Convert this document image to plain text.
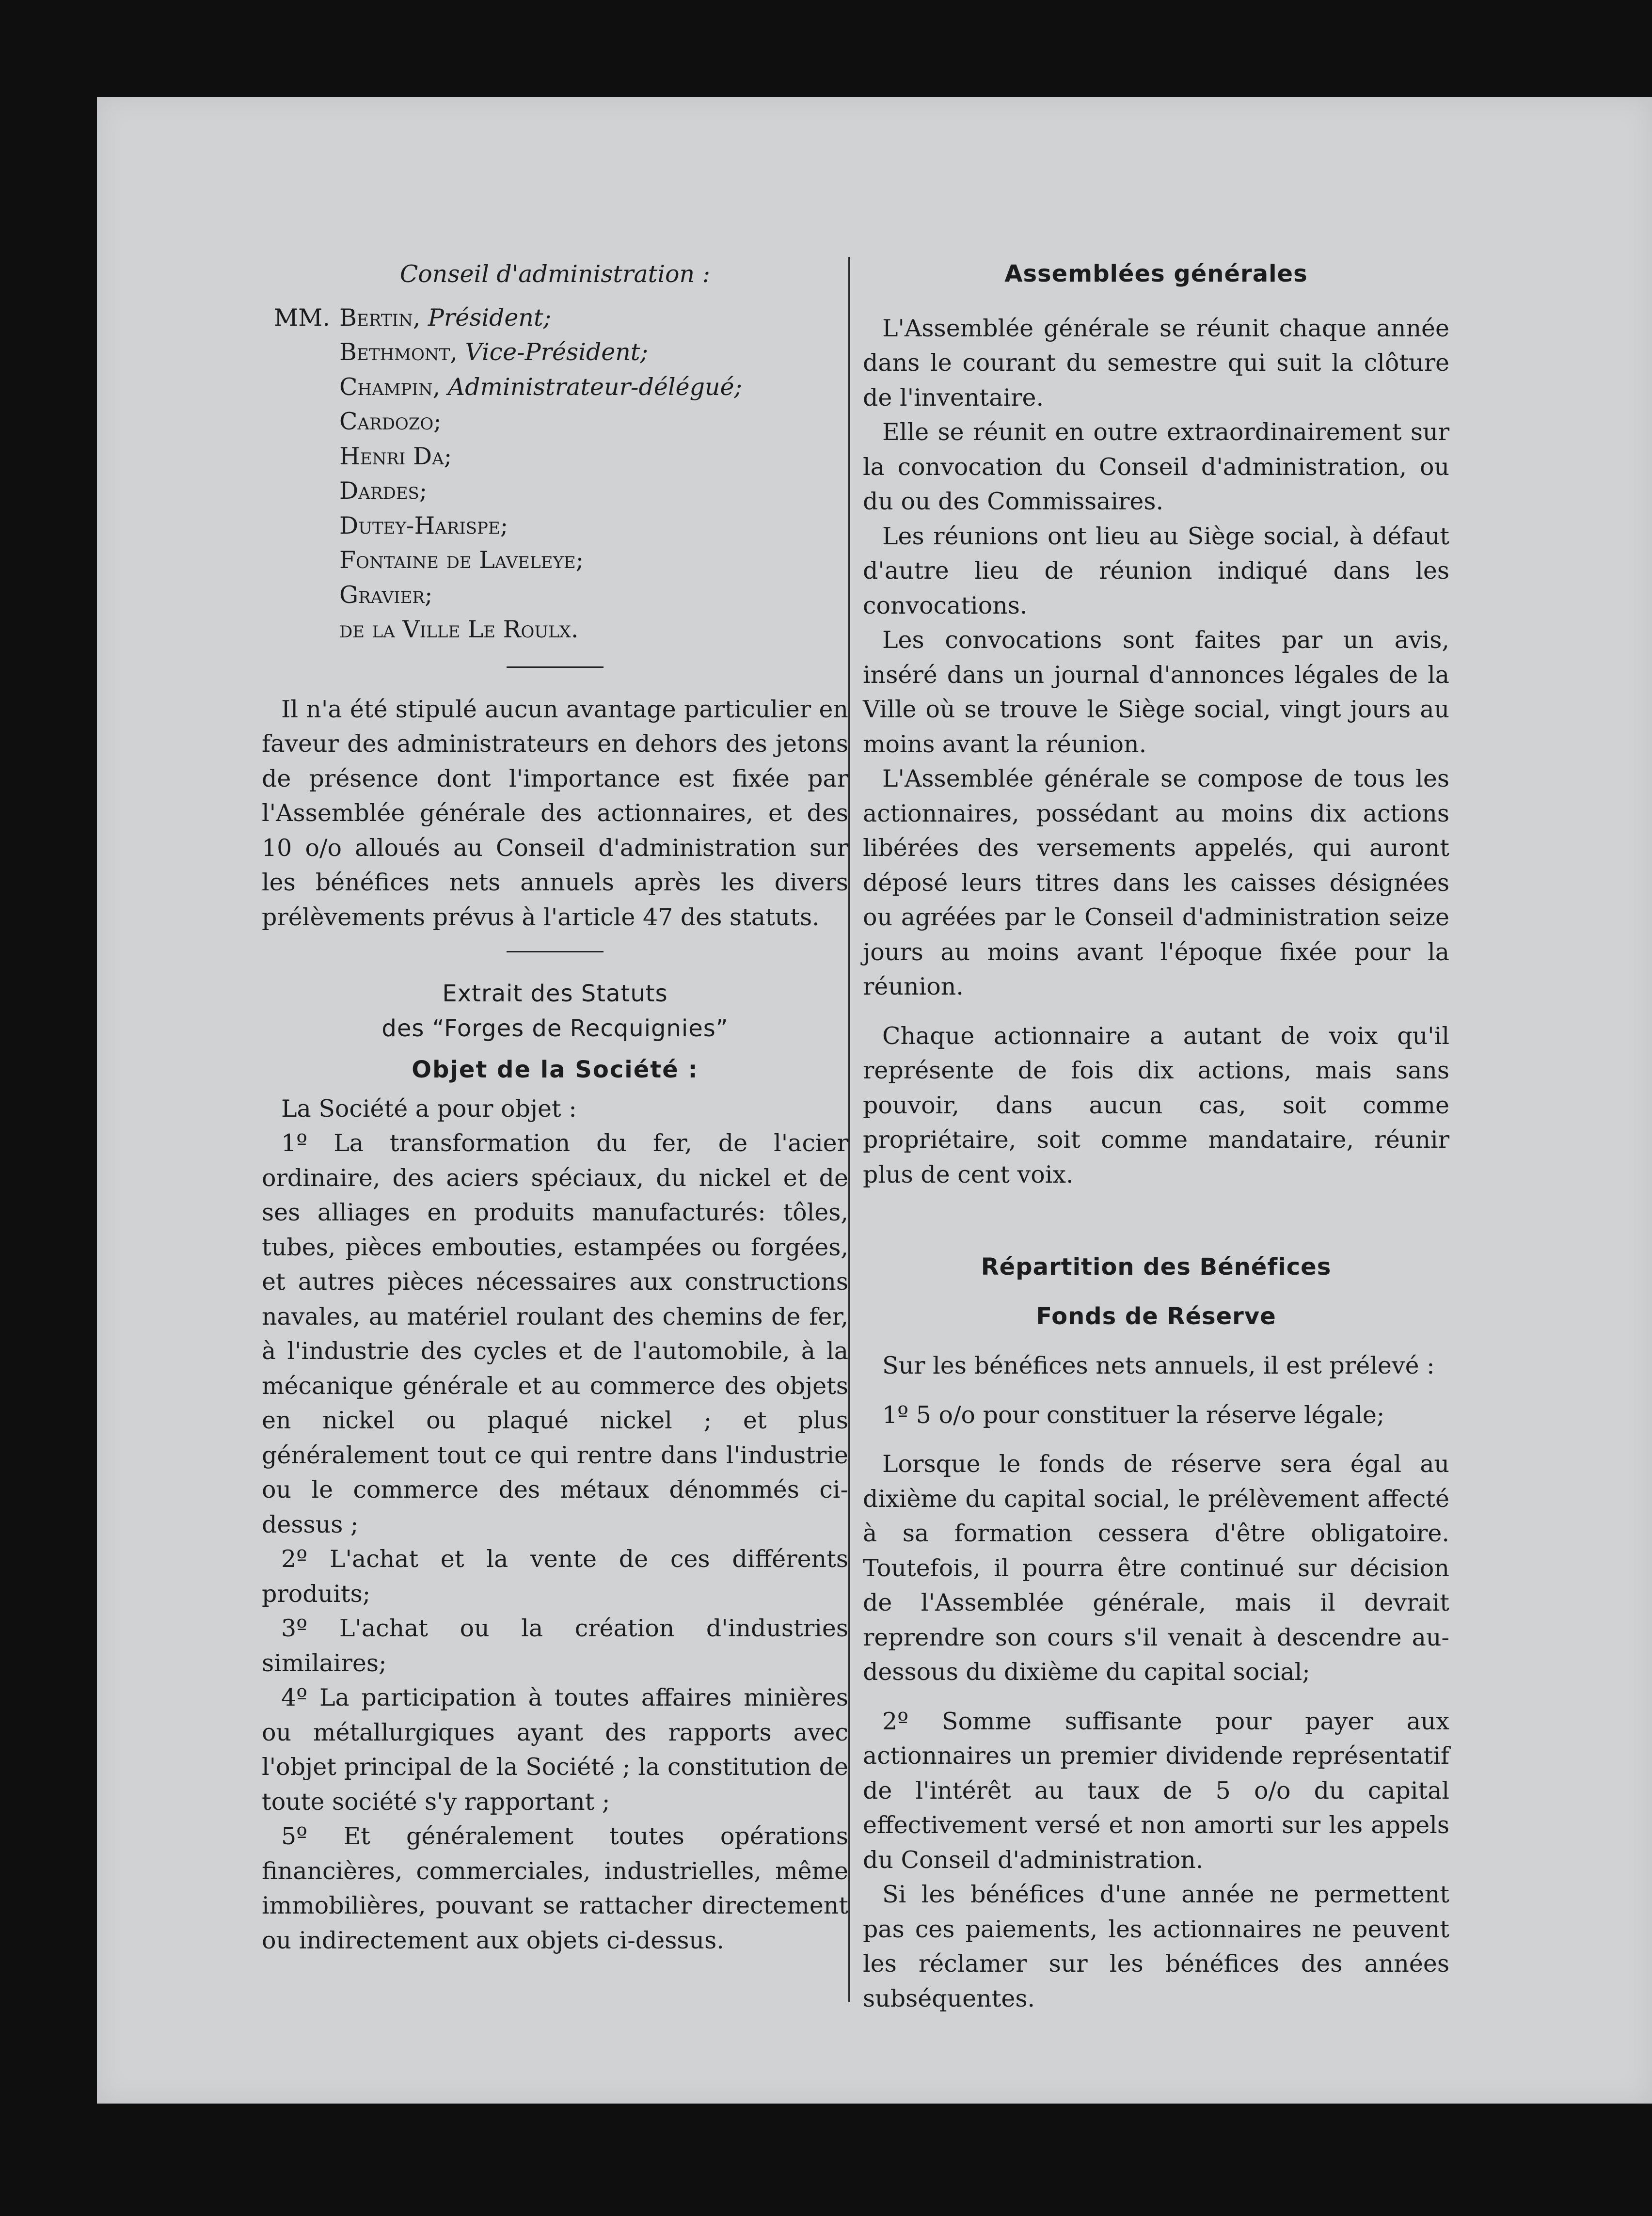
Conseil d'administration :

MM. Bertin, Président;
Bethmont, Vice-Président;
Champin, Administrateur-délégué;
Cardozo;
Henri Da;
Dardes;
Dutey-Harispe;
Fontaine de Laveleye;
Gravier;
de la Ville Le Roulx.

Il n'a été stipulé aucun avantage particulier en faveur des administrateurs en dehors des jetons de présence dont l'importance est fixée par l'Assemblée générale des actionnaires, et des 10 o/o alloués au Conseil d'administration sur les bénéfices nets annuels après les divers prélèvements prévus à l'article 47 des statuts.

Extrait des Statuts

des “Forges de Recquignies”

Objet de la Société :

La Société a pour objet :

1º La transformation du fer, de l'acier ordinaire, des aciers spéciaux, du nickel et de ses alliages en produits manufacturés: tôles, tubes, pièces embouties, estampées ou forgées, et autres pièces nécessaires aux constructions navales, au matériel roulant des chemins de fer, à l'industrie des cycles et de l'automobile, à la mécanique générale et au commerce des objets en nickel ou plaqué nickel ; et plus généralement tout ce qui rentre dans l'industrie ou le commerce des métaux dénommés ci-dessus ;

2º L'achat et la vente de ces différents produits;

3º L'achat ou la création d'industries similaires;

4º La participation à toutes affaires minières ou métallurgiques ayant des rapports avec l'objet principal de la Société ; la constitution de toute société s'y rapportant ;

5º Et généralement toutes opérations financières, commerciales, industrielles, même immobilières, pouvant se rattacher directement ou indirectement aux objets ci-dessus.

Assemblées générales

L'Assemblée générale se réunit chaque année dans le courant du semestre qui suit la clôture de l'inventaire.

Elle se réunit en outre extraordinairement sur la convocation du Conseil d'administration, ou du ou des Commissaires.

Les réunions ont lieu au Siège social, à défaut d'autre lieu de réunion indiqué dans les convocations.

Les convocations sont faites par un avis, inséré dans un journal d'annonces légales de la Ville où se trouve le Siège social, vingt jours au moins avant la réunion.

L'Assemblée générale se compose de tous les actionnaires, possédant au moins dix actions libérées des versements appelés, qui auront déposé leurs titres dans les caisses désignées ou agréées par le Conseil d'administration seize jours au moins avant l'époque fixée pour la réunion.

Chaque actionnaire a autant de voix qu'il représente de fois dix actions, mais sans pouvoir, dans aucun cas, soit comme propriétaire, soit comme mandataire, réunir plus de cent voix.

Répartition des Bénéfices

Fonds de Réserve

Sur les bénéfices nets annuels, il est prélevé :

1º 5 o/o pour constituer la réserve légale;

Lorsque le fonds de réserve sera égal au dixième du capital social, le prélèvement affecté à sa formation cessera d'être obligatoire. Toutefois, il pourra être continué sur décision de l'Assemblée générale, mais il devrait reprendre son cours s'il venait à descendre au-dessous du dixième du capital social;

2º Somme suffisante pour payer aux actionnaires un premier dividende représentatif de l'intérêt au taux de 5 o/o du capital effectivement versé et non amorti sur les appels du Conseil d'administration.

Si les bénéfices d'une année ne permettent pas ces paiements, les actionnaires ne peuvent les réclamer sur les bénéfices des années subséquentes.
